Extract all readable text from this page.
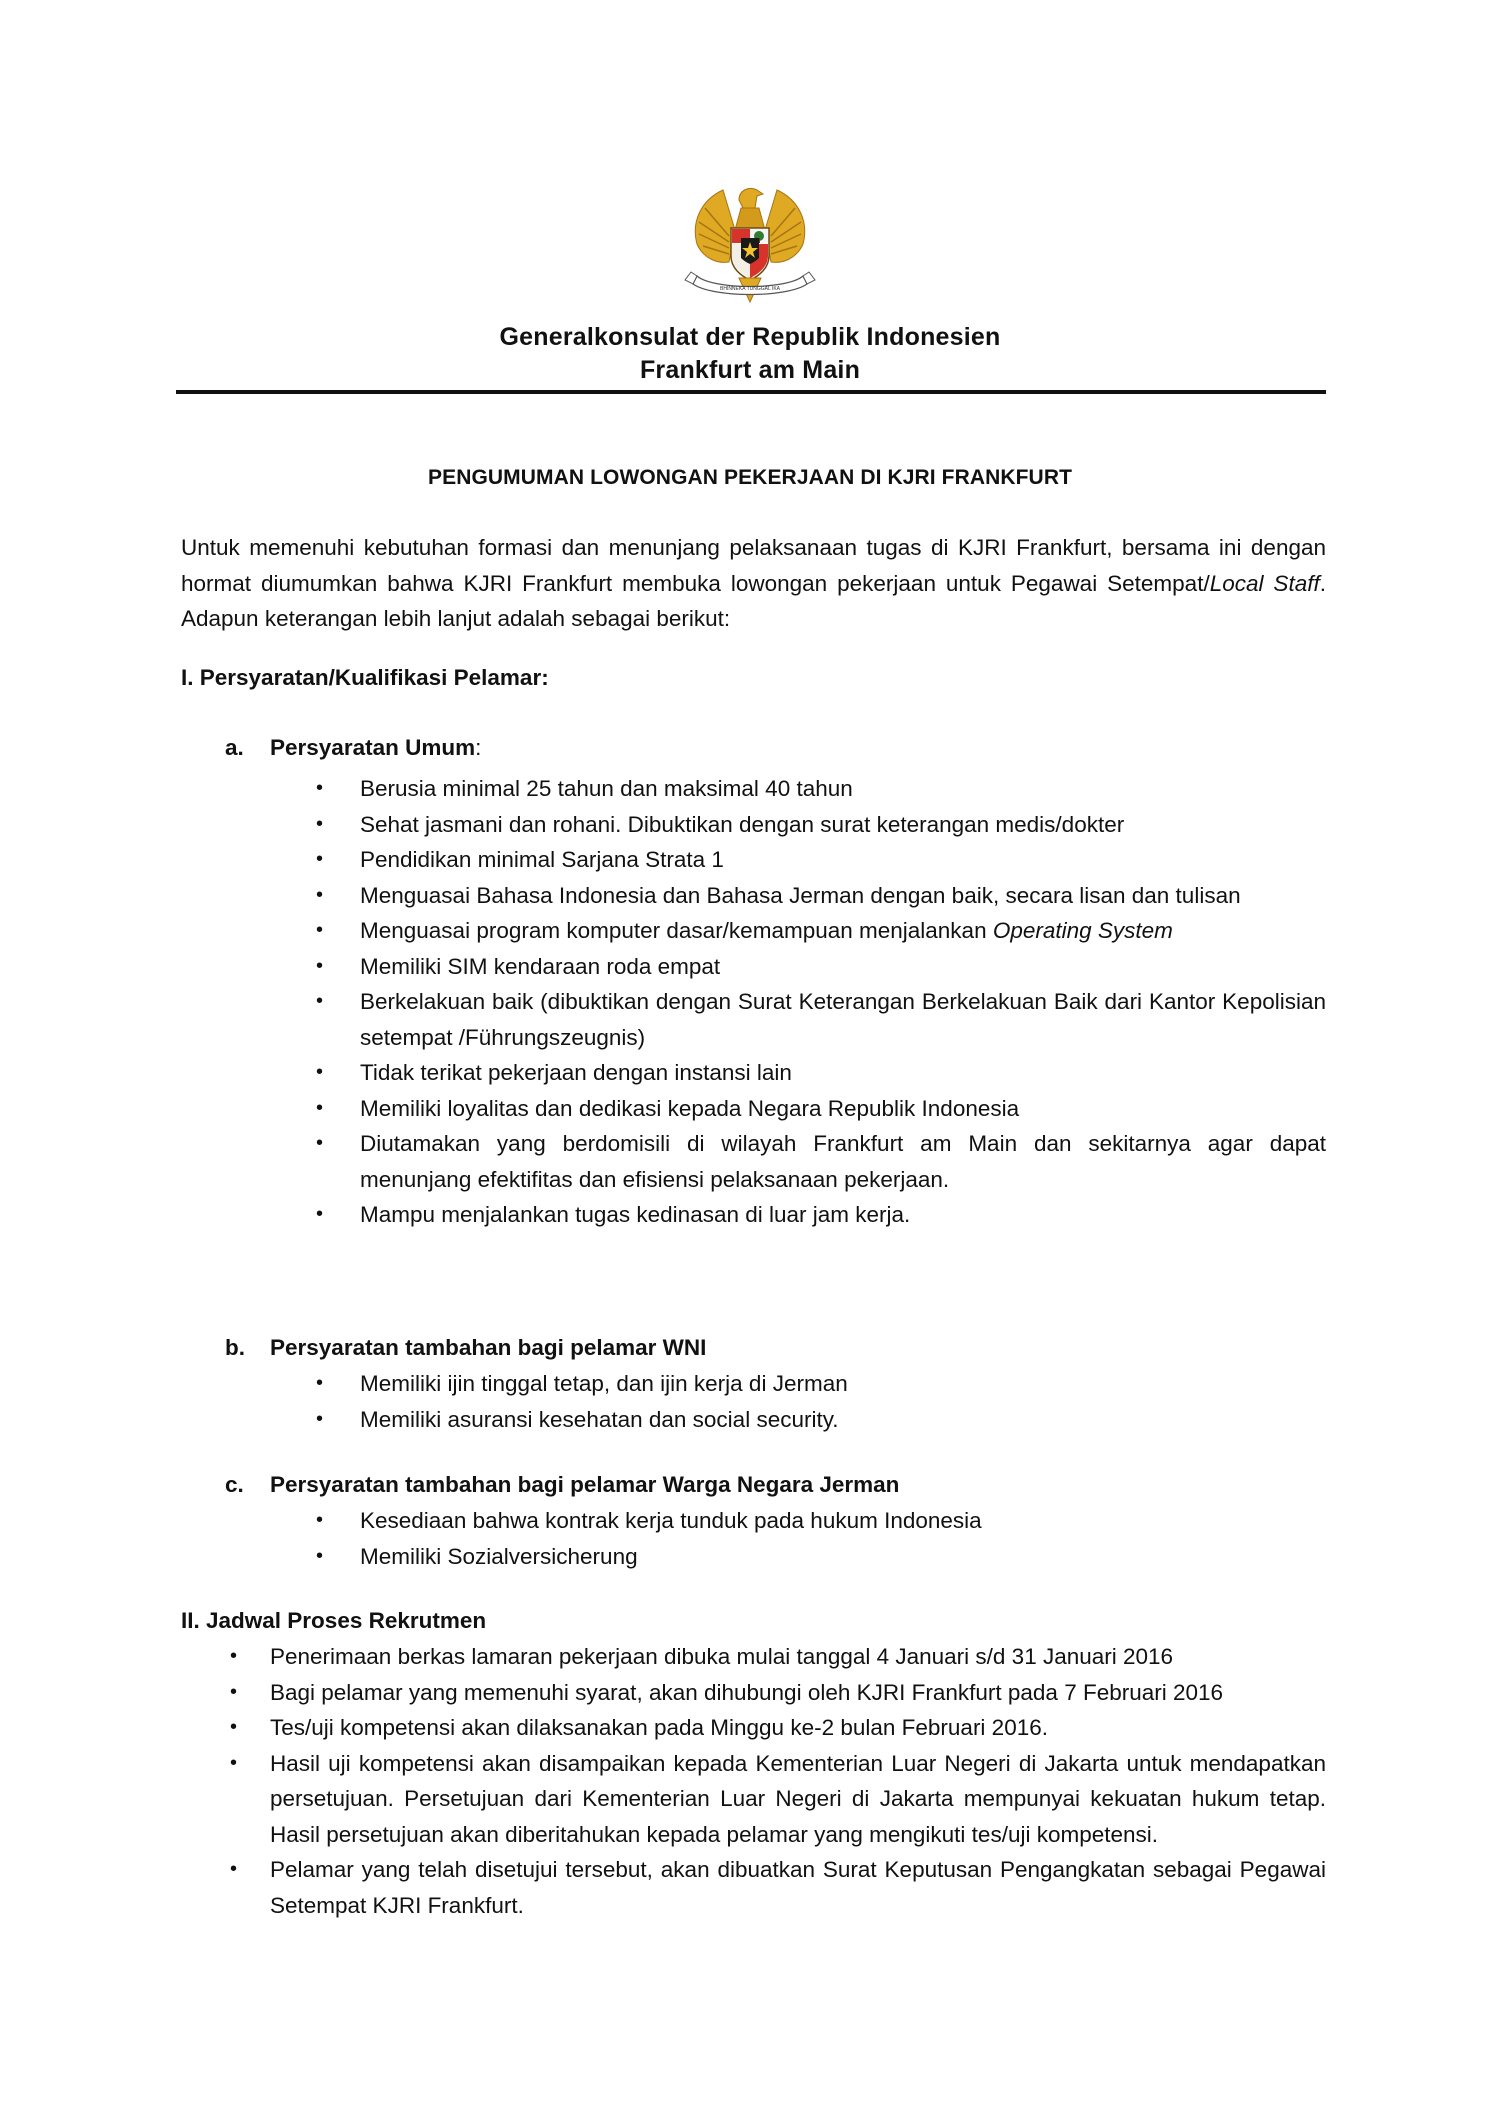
BHINNEKA TUNGGAL IKA
Generalkonsulat der Republik Indonesien
Frankfurt am Main
PENGUMUMAN LOWONGAN PEKERJAAN DI KJRI FRANKFURT
Untuk memenuhi kebutuhan formasi dan menunjang pelaksanaan tugas di KJRI Frankfurt, bersama ini dengan hormat diumumkan bahwa KJRI Frankfurt membuka lowongan pekerjaan untuk Pegawai Setempat/Local Staff. Adapun keterangan lebih lanjut adalah sebagai berikut:
I. Persyaratan/Kualifikasi Pelamar:
a. Persyaratan Umum:
• Berusia minimal 25 tahun dan maksimal 40 tahun
• Sehat jasmani dan rohani. Dibuktikan dengan surat keterangan medis/dokter
• Pendidikan minimal Sarjana Strata 1
• Menguasai Bahasa Indonesia dan Bahasa Jerman dengan baik, secara lisan dan tulisan
• Menguasai program komputer dasar/kemampuan menjalankan Operating System
• Memiliki SIM kendaraan roda empat
• Berkelakuan baik (dibuktikan dengan Surat Keterangan Berkelakuan Baik dari Kantor Kepolisian setempat /Führungszeugnis)
• Tidak terikat pekerjaan dengan instansi lain
• Memiliki loyalitas dan dedikasi kepada Negara Republik Indonesia
• Diutamakan yang berdomisili di wilayah Frankfurt am Main dan sekitarnya agar dapat menunjang efektifitas dan efisiensi pelaksanaan pekerjaan.
• Mampu menjalankan tugas kedinasan di luar jam kerja.
b. Persyaratan tambahan bagi pelamar WNI
• Memiliki ijin tinggal tetap, dan ijin kerja di Jerman
• Memiliki asuransi kesehatan dan social security.
c. Persyaratan tambahan bagi pelamar Warga Negara Jerman
• Kesediaan bahwa kontrak kerja tunduk pada hukum Indonesia
• Memiliki Sozialversicherung
II. Jadwal Proses Rekrutmen
• Penerimaan berkas lamaran pekerjaan dibuka mulai tanggal 4 Januari s/d 31 Januari 2016
• Bagi pelamar yang memenuhi syarat, akan dihubungi oleh KJRI Frankfurt pada 7 Februari 2016
• Tes/uji kompetensi akan dilaksanakan pada Minggu ke-2 bulan Februari 2016.
• Hasil uji kompetensi akan disampaikan kepada Kementerian Luar Negeri di Jakarta untuk mendapatkan persetujuan. Persetujuan dari Kementerian Luar Negeri di Jakarta mempunyai kekuatan hukum tetap. Hasil persetujuan akan diberitahukan kepada pelamar yang mengikuti tes/uji kompetensi.
• Pelamar yang telah disetujui tersebut, akan dibuatkan Surat Keputusan Pengangkatan sebagai Pegawai Setempat KJRI Frankfurt.
